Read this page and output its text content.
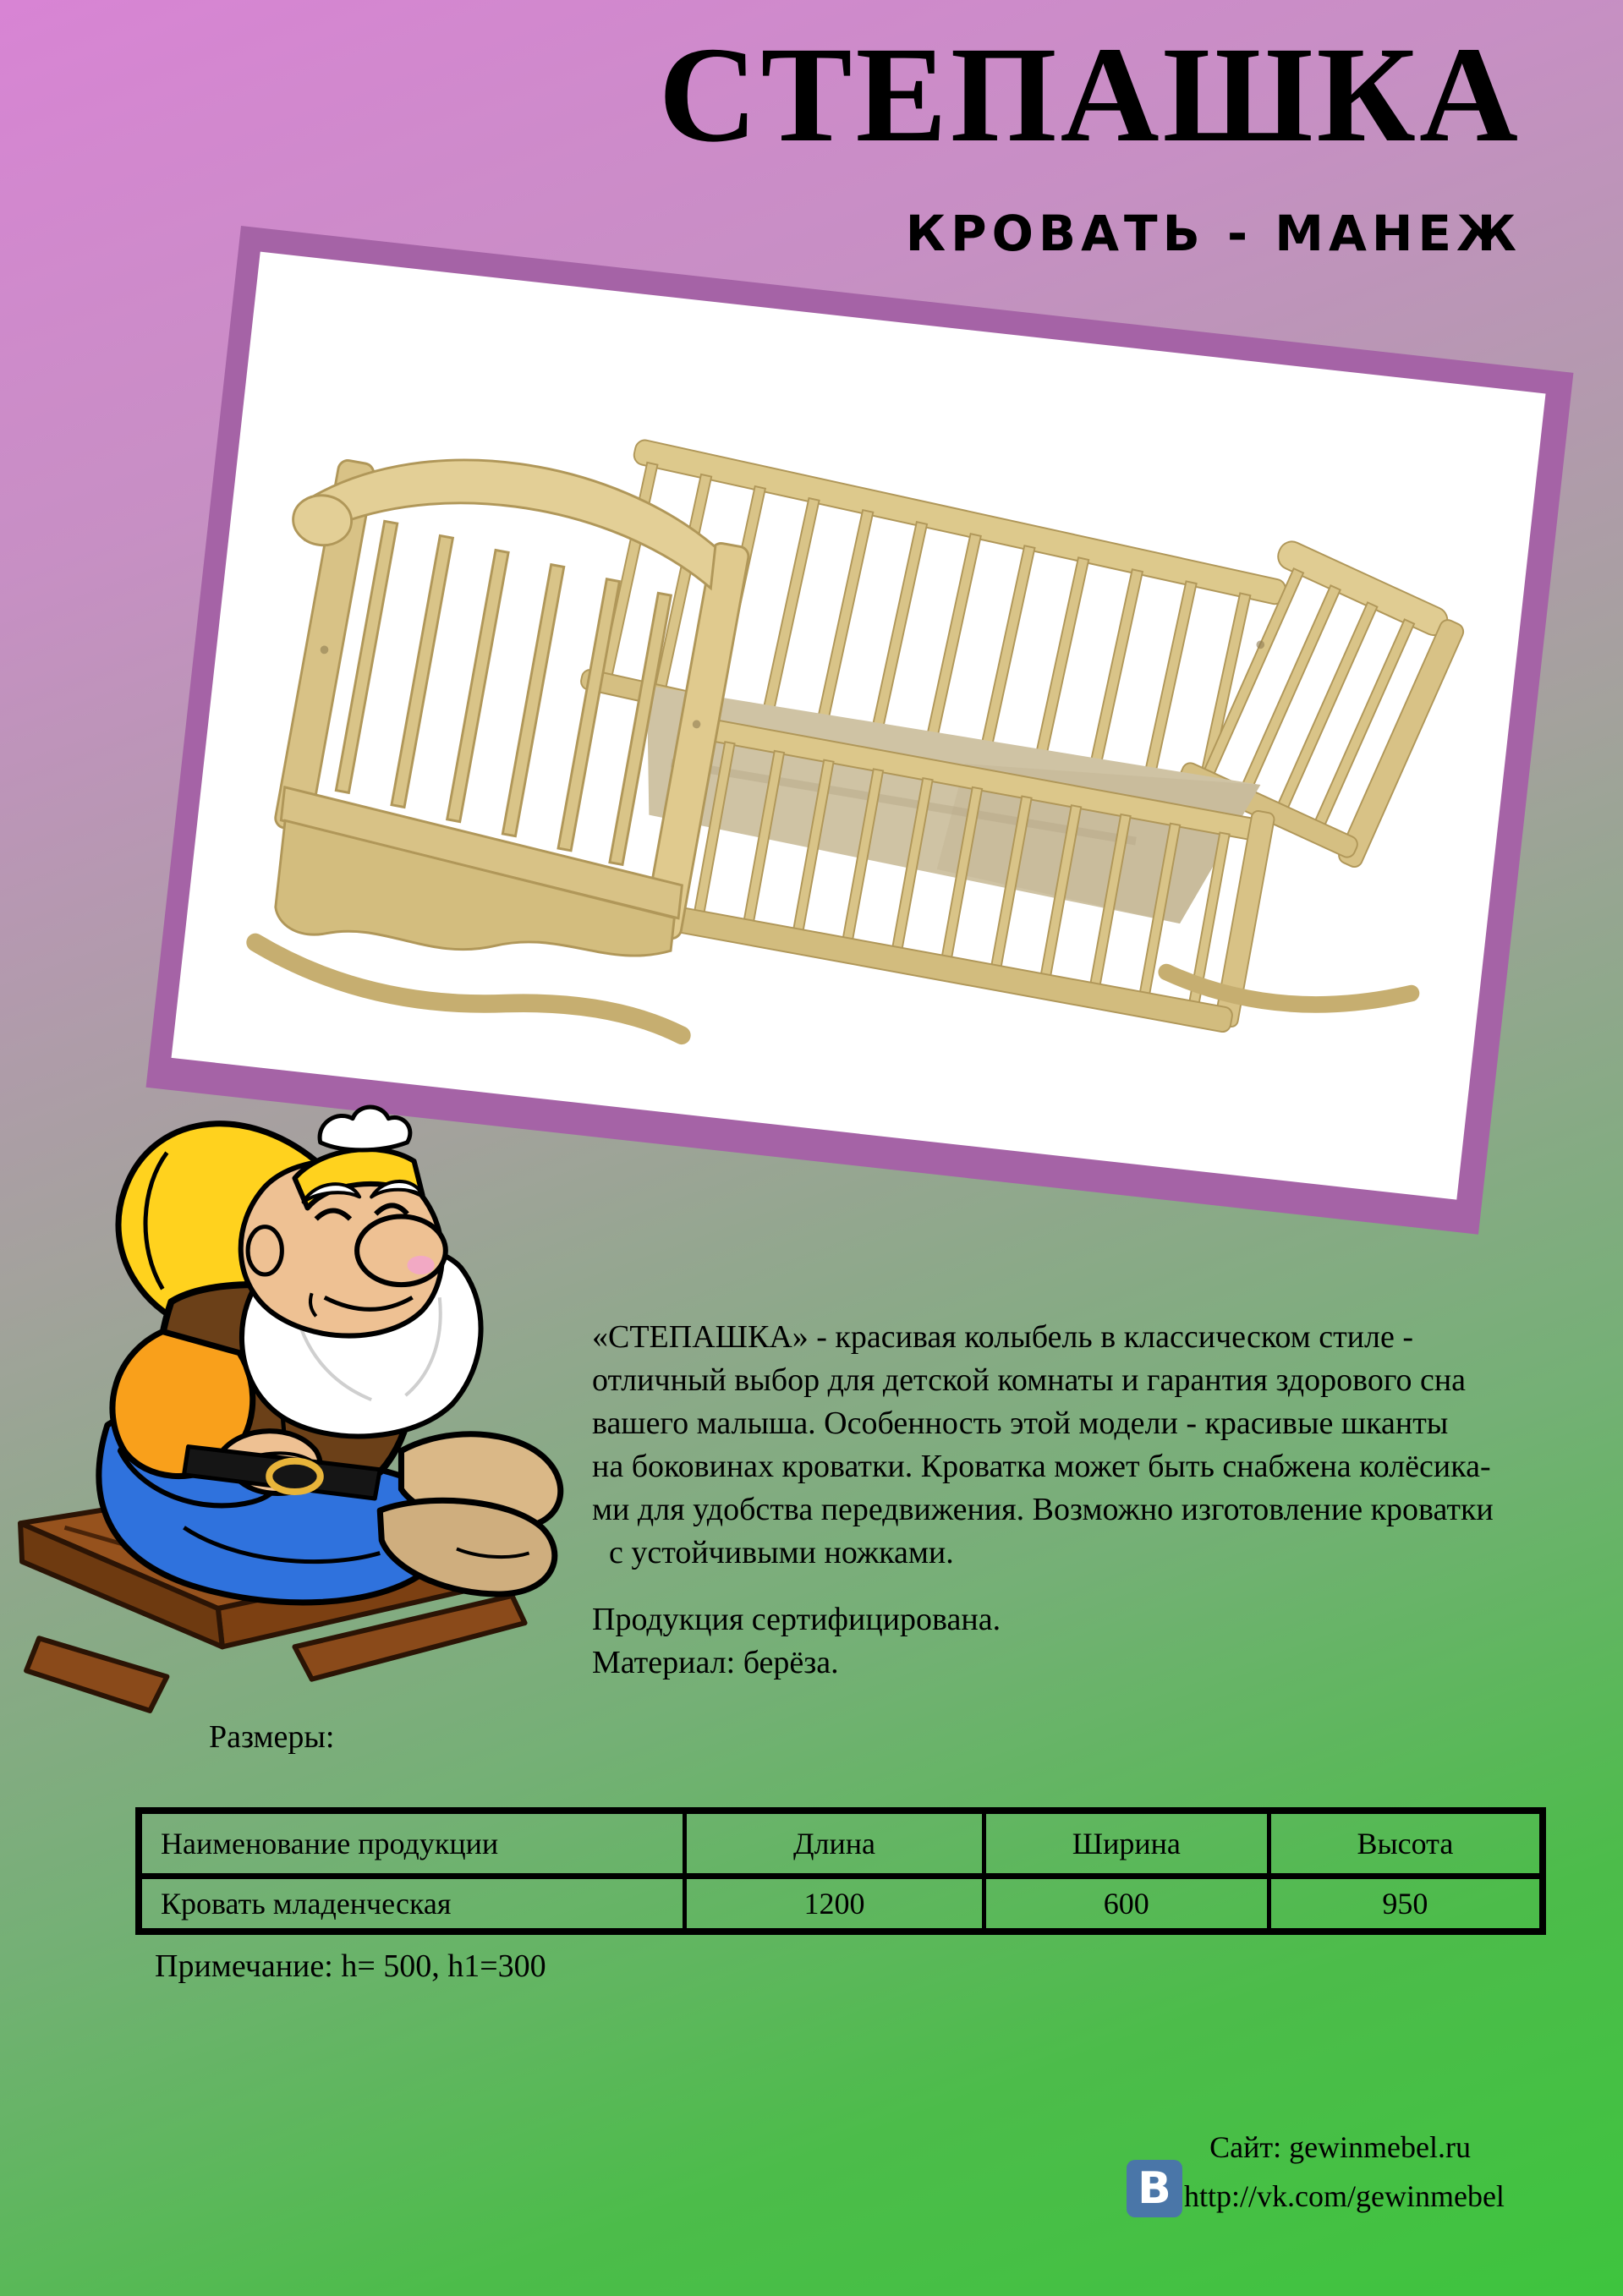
СТЕПАШКА
КРОВАТЬ - МАНЕЖ
«СТЕПАШКА» - красивая колыбель в классическом стиле -
отличный выбор для детской комнаты и гарантия здорового сна
вашего малыша. Особенность этой модели - красивые шканты
на боковинах кроватки. Кроватка может быть снабжена колёсика-
ми для удобства передвижения. Возможно изготовление кроватки
с устойчивыми ножками.
Продукция сертифицирована.
Материал: берёза.
Размеры:
Наименование продукции	Длина	Ширина	Высота
Кровать младенческая	1200	600	950
Примечание: h= 500, h1=300
Сайт: gewinmebel.ru
В http://vk.com/gewinmebel
